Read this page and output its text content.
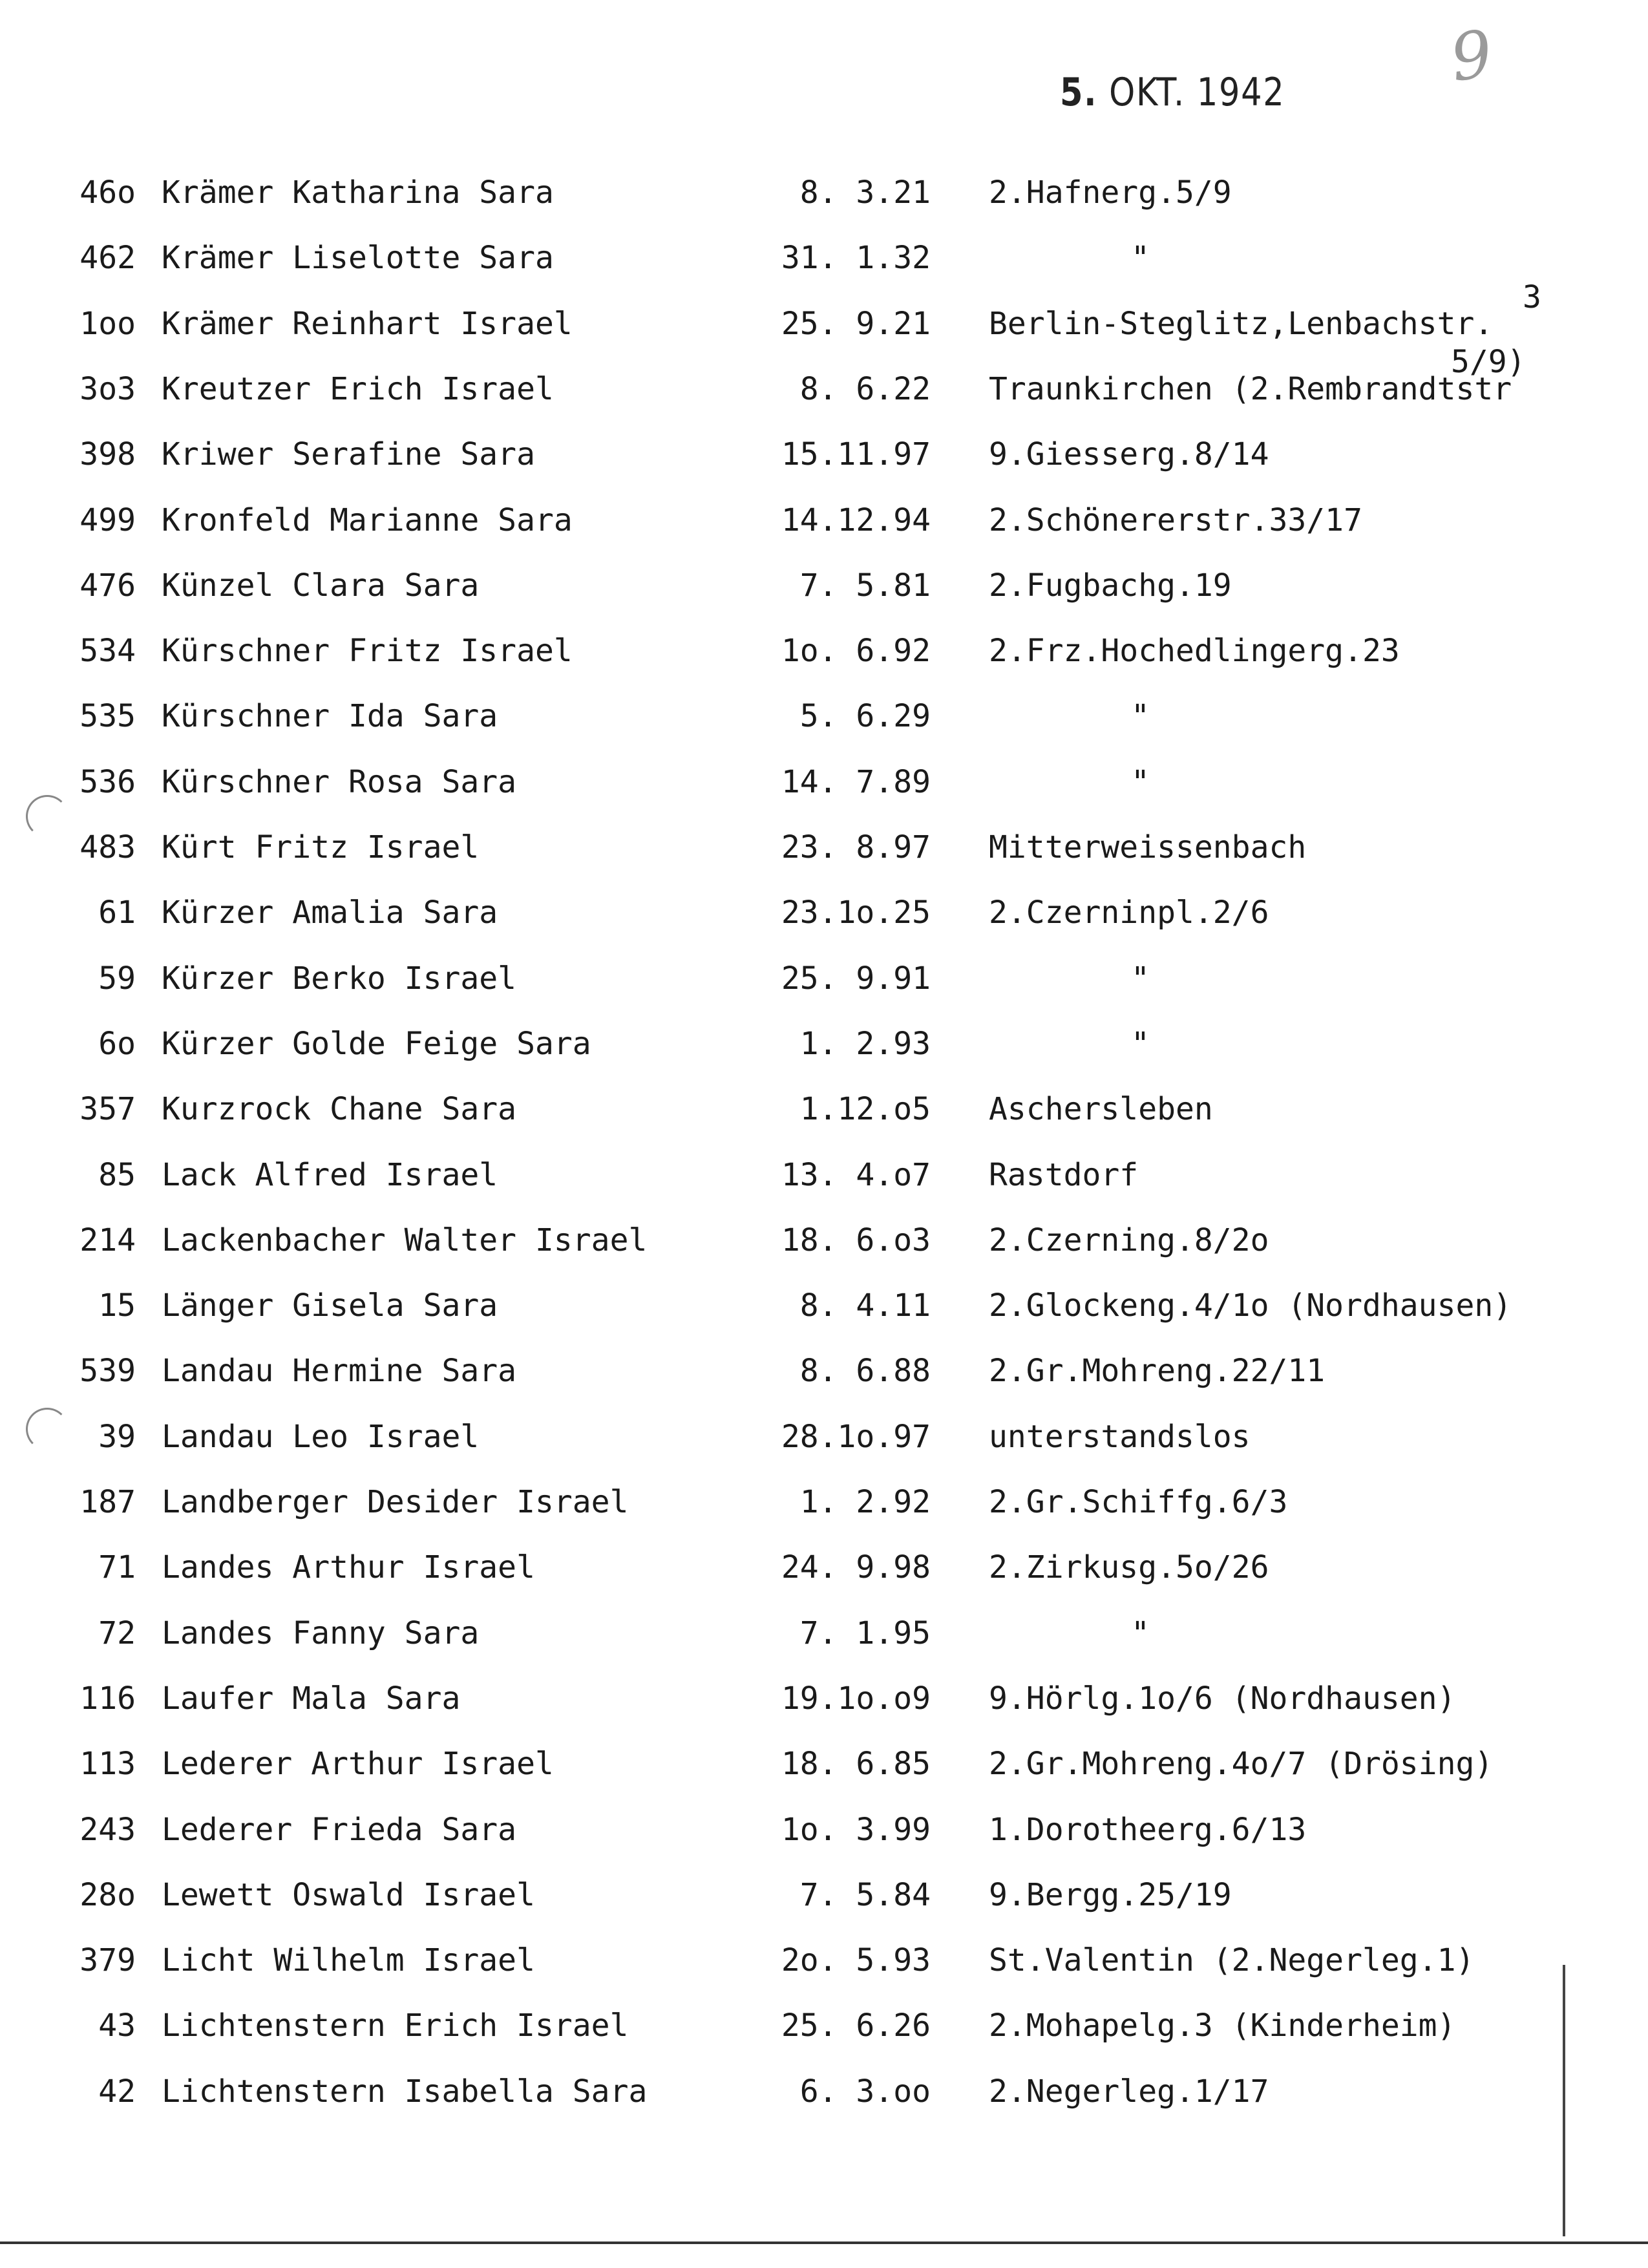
9
5. OKT. 1942
46o Krämer Katharina Sara	8. 3.21 2.Hafnerg.5/9
462 Krämer Liselotte Sara	31. 1.32	"
1oo Krämer Reinhart Israel	25. 9.21 Berlin-Steglitz,Lenbachstr.
3o3 Kreutzer Erich Israel	8. 6.22 Traunkirchen (2.Rembrandtstr
398 Kriwer Serafine Sara	15.11.97 9.Giesserg.8/14
499 Kronfeld Marianne Sara	14.12.94 2.Schönererstr.33/17
476 Künzel Clara Sara	7. 5.81 2.Fugbachg.19
534 Kürschner Fritz Israel	1o. 6.92 2.Frz.Hochedlingerg.23
535 Kürschner Ida Sara	5. 6.29	"
536 Kürschner Rosa Sara	14. 7.89	"
483 Kürt Fritz Israel	23. 8.97 Mitterweissenbach
61 Kürzer Amalia Sara	23.1o.25 2.Czerninpl.2/6
59 Kürzer Berko Israel	25. 9.91	"
6o Kürzer Golde Feige Sara	1. 2.93	"
357 Kurzrock Chane Sara	1.12.o5 Aschersleben
85 Lack Alfred Israel	13. 4.o7 Rastdorf
214 Lackenbacher Walter Israel	18. 6.o3 2.Czerning.8/2o
15 Länger Gisela Sara	8. 4.11 2.Glockeng.4/1o (Nordhausen)
539 Landau Hermine Sara	8. 6.88 2.Gr.Mohreng.22/11
39 Landau Leo Israel	28.1o.97 unterstandslos
187 Landberger Desider Israel	1. 2.92 2.Gr.Schiffg.6/3
71 Landes Arthur Israel	24. 9.98 2.Zirkusg.5o/26
72 Landes Fanny Sara	7. 1.95	"
116 Laufer Mala Sara	19.1o.o9 9.Hörlg.1o/6 (Nordhausen)
113 Lederer Arthur Israel	18. 6.85 2.Gr.Mohreng.4o/7 (Drösing)
243 Lederer Frieda Sara	1o. 3.99 1.Dorotheerg.6/13
28o Lewett Oswald Israel	7. 5.84 9.Bergg.25/19
379 Licht Wilhelm Israel	2o. 5.93 St.Valentin (2.Negerleg.1)
43 Lichtenstern Erich Israel	25. 6.26 2.Mohapelg.3 (Kinderheim)
42 Lichtenstern Isabella Sara	6. 3.oo 2.Negerleg.1/17
3
5/9)
